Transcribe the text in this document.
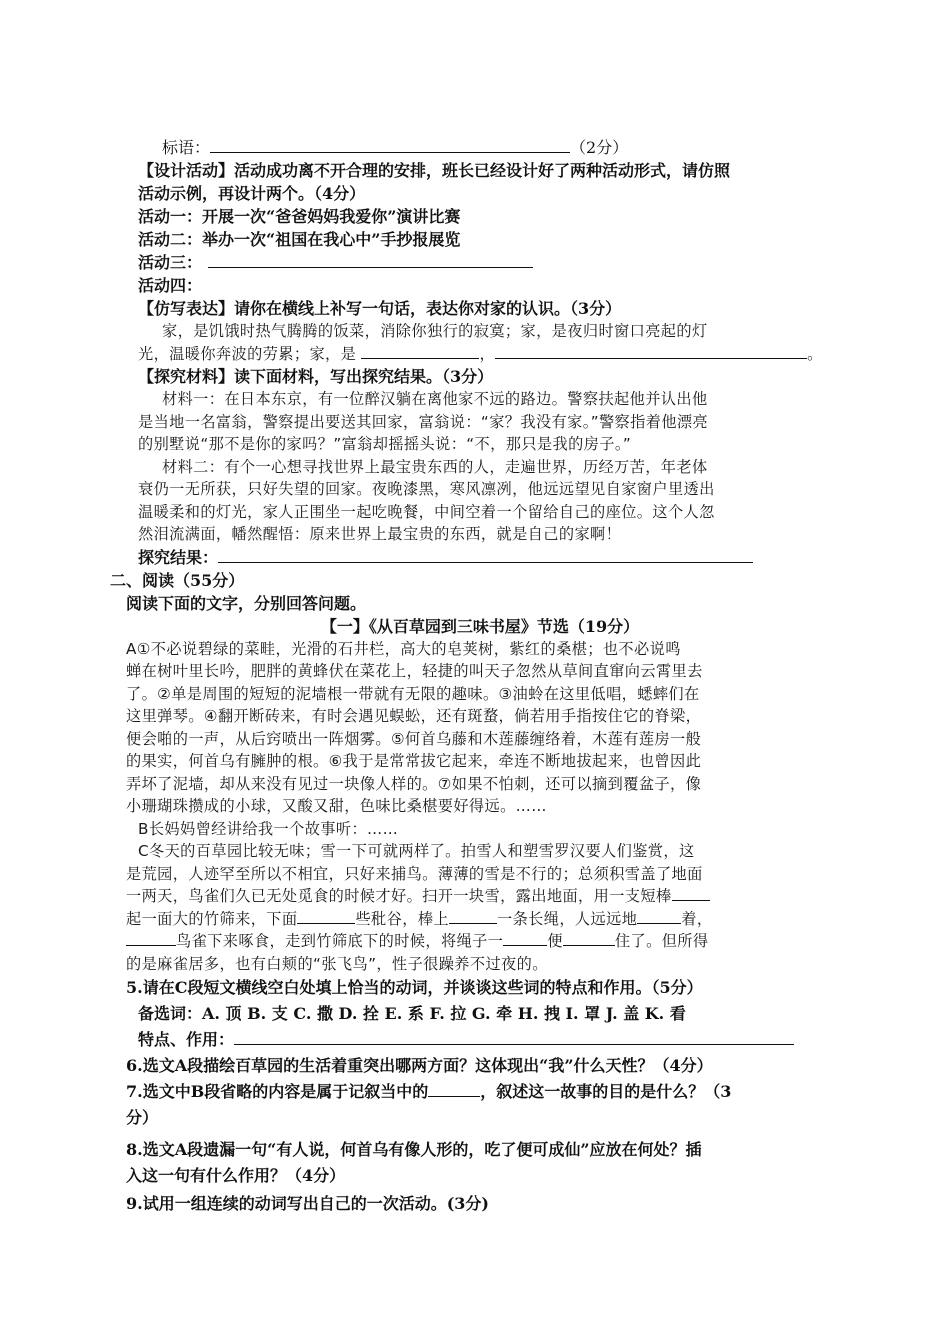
标语：	（2分）
【设计活动】活动成功离不开合理的安排，班长已经设计好了两种活动形式，请仿照
活动示例，再设计两个。（4分）
活动一：开展一次“爸爸妈妈我爱你”演讲比赛
活动二：举办一次“祖国在我心中”手抄报展览
活动三：
活动四：
【仿写表达】请你在横线上补写一句话，表达你对家的认识。（3分）
家，是饥饿时热气腾腾的饭菜，消除你独行的寂寞；家，是夜归时窗口亮起的灯
光，温暖你奔波的劳累；家，是	，	。
【探究材料】读下面材料，写出探究结果。（3分）
材料一：在日本东京，有一位醉汉躺在离他家不远的路边。警察扶起他并认出他
是当地一名富翁，警察提出要送其回家，富翁说：“家？我没有家。”警察指着他漂亮
的别墅说“那不是你的家吗？”富翁却摇摇头说：“不，那只是我的房子。”
材料二：有个一心想寻找世界上最宝贵东西的人，走遍世界，历经万苦，年老体
衰仍一无所获，只好失望的回家。夜晚漆黑，寒风凛冽，他远远望见自家窗户里透出
温暖柔和的灯光，家人正围坐一起吃晚餐，中间空着一个留给自己的座位。这个人忽
然泪流满面，幡然醒悟：原来世界上最宝贵的东西，就是自己的家啊！
探究结果：
二、阅读（55分）
阅读下面的文字，分别回答问题。
【一】《从百草园到三味书屋》节选（19分）
A①不必说碧绿的菜畦，光滑的石井栏，高大的皂荚树，紫红的桑椹；也不必说鸣
蝉在树叶里长吟，肥胖的黄蜂伏在菜花上，轻捷的叫天子忽然从草间直窜向云霄里去
了。②单是周围的短短的泥墙根一带就有无限的趣味。③油蛉在这里低唱，蟋蟀们在
这里弹琴。④翻开断砖来，有时会遇见蜈蚣，还有斑蝥，倘若用手指按住它的脊梁，
便会啪的一声，从后窍喷出一阵烟雾。⑤何首乌藤和木莲藤缠络着，木莲有莲房一般
的果实，何首乌有臃肿的根。⑥我于是常常拔它起来，牵连不断地拔起来，也曾因此
弄坏了泥墙，却从来没有见过一块像人样的。⑦如果不怕刺，还可以摘到覆盆子，像
小珊瑚珠攒成的小球，又酸又甜，色味比桑椹要好得远。……
B长妈妈曾经讲给我一个故事听：……
C冬天的百草园比较无味；雪一下可就两样了。拍雪人和塑雪罗汉要人们鉴赏，这
是荒园，人迹罕至所以不相宜，只好来捕鸟。薄薄的雪是不行的；总须积雪盖了地面
一两天，鸟雀们久已无处觅食的时候才好。扫开一块雪，露出地面，用一支短棒
起一面大的竹筛来，下面	些秕谷，棒上	一条长绳，人远远地	着，
鸟雀下来啄食，走到竹筛底下的时候，将绳子一	便	住了。但所得
的是麻雀居多，也有白颊的“张飞鸟”，性子很躁养不过夜的。
5.请在C段短文横线空白处填上恰当的动词，并谈谈这些词的特点和作用。（5分）
备选词：A. 顶 B. 支 C. 撒 D. 拴 E. 系 F. 拉 G. 牵 H. 拽 I. 罩 J. 盖 K. 看
特点、作用：
6.选文A段描绘百草园的生活着重突出哪两方面？这体现出“我”什么天性？（4分）
7.选文中B段省略的内容是属于记叙当中的	，叙述这一故事的目的是什么？（3
分）
8.选文A段遗漏一句“有人说，何首乌有像人形的，吃了便可成仙”应放在何处？插
入这一句有什么作用？（4分）
9.试用一组连续的动词写出自己的一次活动。(3分)
